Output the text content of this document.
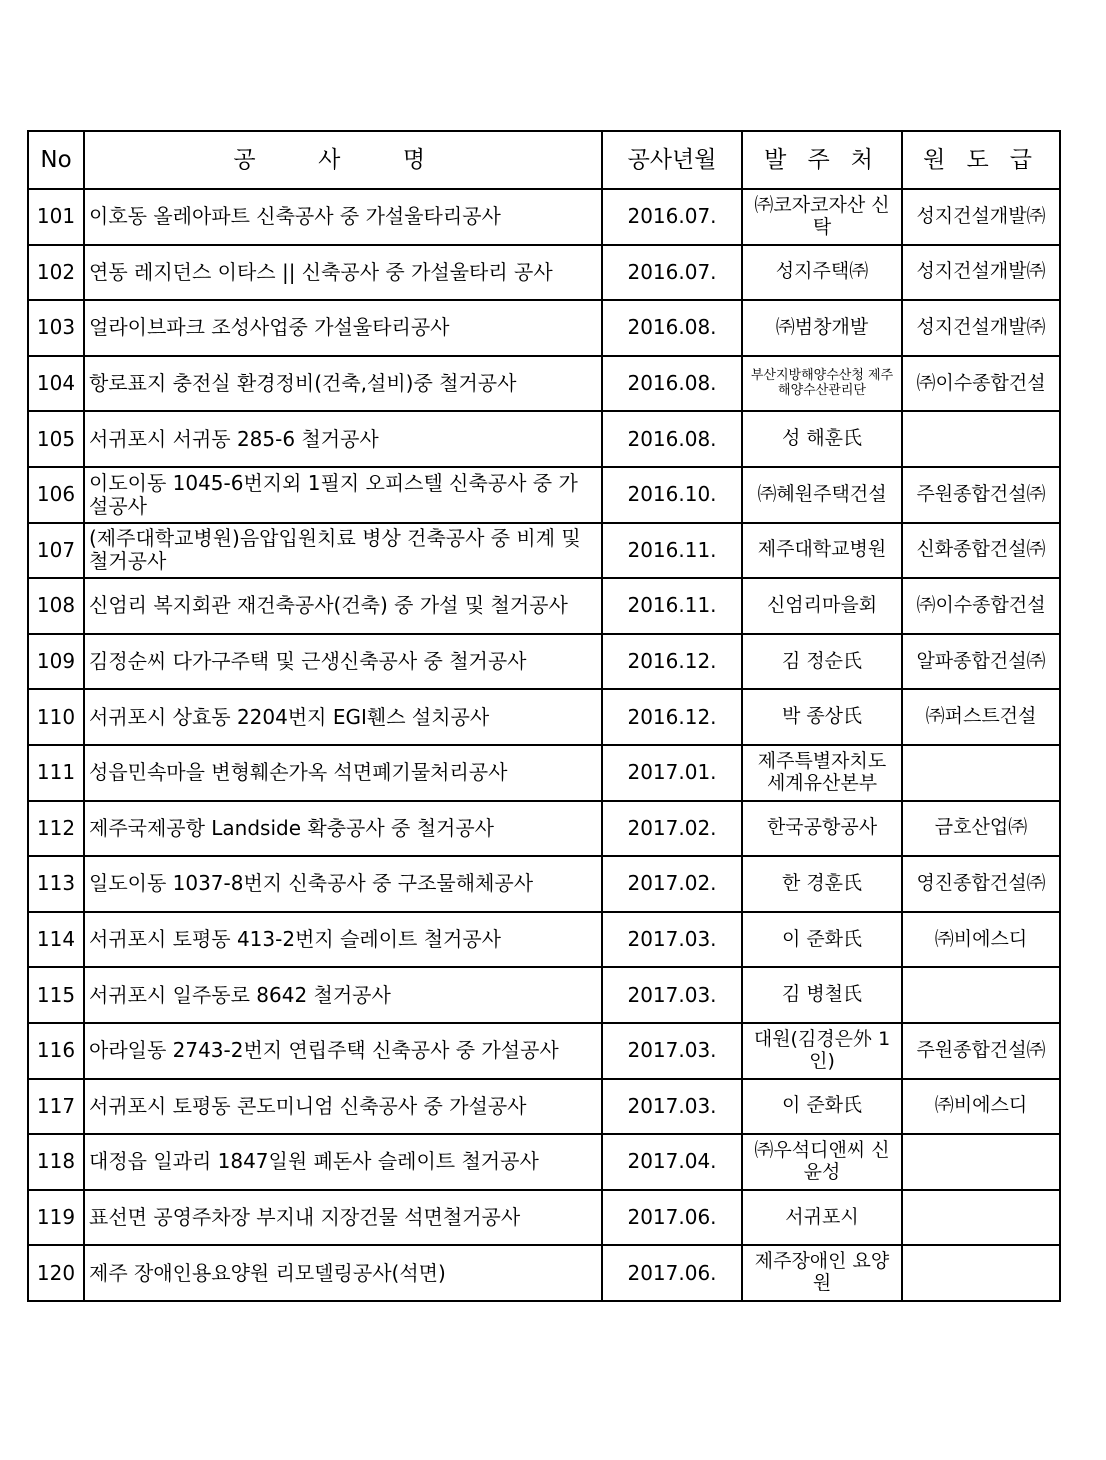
No	공 사 명	공사년월	발 주 처	원 도 급
101	이호동 올레아파트 신축공사 중 가설울타리공사	2016.07.	㈜코자코자산 신탁	성지건설개발㈜
102	연동 레지던스 이타스 || 신축공사 중 가설울타리 공사	2016.07.	성지주택㈜	성지건설개발㈜
103	얼라이브파크 조성사업중 가설울타리공사	2016.08.	㈜범창개발	성지건설개발㈜
104	항로표지 충전실 환경정비(건축,설비)중 철거공사	2016.08.	부산지방해양수산청 제주해양수산관리단	㈜이수종합건설
105	서귀포시 서귀동 285-6 철거공사	2016.08.	성 해훈氏	
106	이도이동 1045-6번지외 1필지 오피스텔 신축공사 중 가설공사	2016.10.	㈜혜원주택건설	주원종합건설㈜
107	(제주대학교병원)음압입원치료 병상 건축공사 중 비계 및 철거공사	2016.11.	제주대학교병원	신화종합건설㈜
108	신엄리 복지회관 재건축공사(건축) 중 가설 및 철거공사	2016.11.	신엄리마을회	㈜이수종합건설
109	김정순씨 다가구주택 및 근생신축공사 중 철거공사	2016.12.	김 정순氏	알파종합건설㈜
110	서귀포시 상효동 2204번지 EGI휀스 설치공사	2016.12.	박 종상氏	㈜퍼스트건설
111	성읍민속마을 변형훼손가옥 석면폐기물처리공사	2017.01.	제주특별자치도 세계유산본부	
112	제주국제공항 Landside 확충공사 중 철거공사	2017.02.	한국공항공사	금호산업㈜
113	일도이동 1037-8번지 신축공사 중 구조물해체공사	2017.02.	한 경훈氏	영진종합건설㈜
114	서귀포시 토평동 413-2번지 슬레이트 철거공사	2017.03.	이 준화氏	㈜비에스디
115	서귀포시 일주동로 8642 철거공사	2017.03.	김 병철氏	
116	아라일동 2743-2번지 연립주택 신축공사 중 가설공사	2017.03.	대원(김경은外 1인)	주원종합건설㈜
117	서귀포시 토평동 콘도미니엄 신축공사 중 가설공사	2017.03.	이 준화氏	㈜비에스디
118	대정읍 일과리 1847일원 폐돈사 슬레이트 철거공사	2017.04.	㈜우석디앤씨 신윤성	
119	표선면 공영주차장 부지내 지장건물 석면철거공사	2017.06.	서귀포시	
120	제주 장애인용요양원 리모델링공사(석면)	2017.06.	제주장애인 요양원	
